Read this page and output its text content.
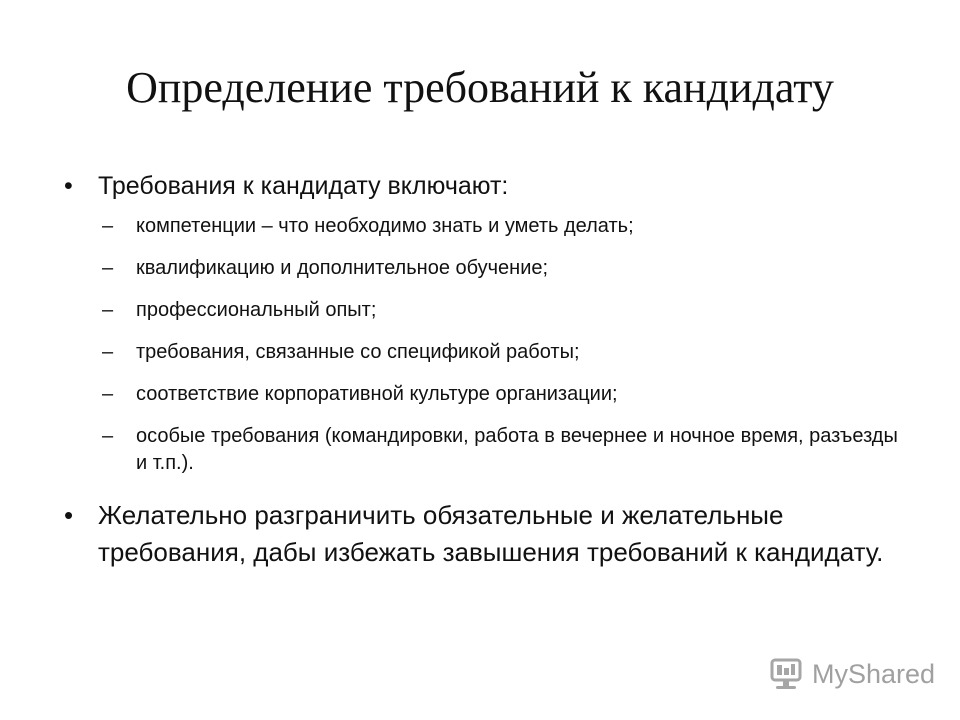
Определение требований к кандидату
•	Требования к кандидату включают:
– компетенции – что необходимо знать и уметь делать;
– квалификацию и дополнительное обучение;
– профессиональный опыт;
– требования, связанные со спецификой работы;
– соответствие корпоративной культуре организации;
– особые требования (командировки, работа в вечернее и ночное время, разъезды и т.п.).
• Желательно разграничить обязательные и желательные требования, дабы избежать завышения требований к кандидату.
MyShared
